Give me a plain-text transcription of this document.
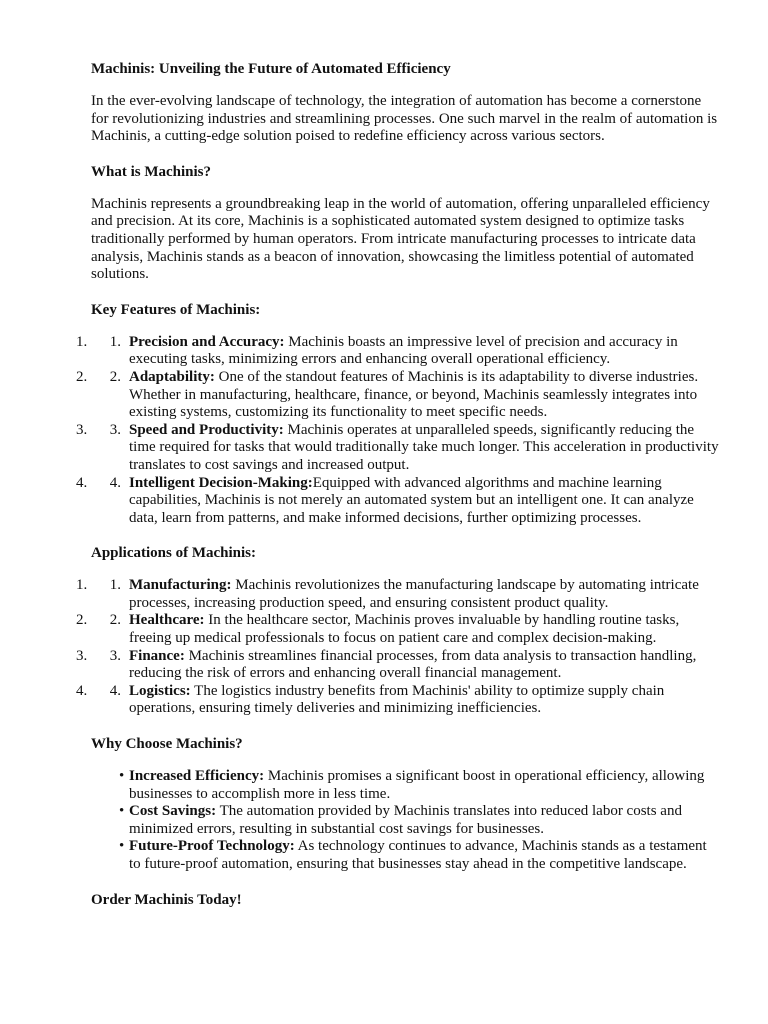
Machinis: Unveiling the Future of Automated Efficiency

In the ever-evolving landscape of technology, the integration of automation has become a cornerstone for revolutionizing industries and streamlining processes. One such marvel in the realm of automation is Machinis, a cutting-edge solution poised to redefine efficiency across various sectors.

What is Machinis?

Machinis represents a groundbreaking leap in the world of automation, offering unparalleled efficiency and precision. At its core, Machinis is a sophisticated automated system designed to optimize tasks traditionally performed by human operators. From intricate manufacturing processes to intricate data analysis, Machinis stands as a beacon of innovation, showcasing the limitless potential of automated solutions.

Key Features of Machinis:
1. 1. Precision and Accuracy: Machinis boasts an impressive level of precision and accuracy in executing tasks, minimizing errors and enhancing overall operational efficiency.
2. 2. Adaptability: One of the standout features of Machinis is its adaptability to diverse industries. Whether in manufacturing, healthcare, finance, or beyond, Machinis seamlessly integrates into existing systems, customizing its functionality to meet specific needs.
3. 3. Speed and Productivity: Machinis operates at unparalleled speeds, significantly reducing the time required for tasks that would traditionally take much longer. This acceleration in productivity translates to cost savings and increased output.
4. 4. Intelligent Decision-Making:Equipped with advanced algorithms and machine learning capabilities, Machinis is not merely an automated system but an intelligent one. It can analyze data, learn from patterns, and make informed decisions, further optimizing processes.
Applications of Machinis:
1. 1. Manufacturing: Machinis revolutionizes the manufacturing landscape by automating intricate processes, increasing production speed, and ensuring consistent product quality.
2. 2. Healthcare: In the healthcare sector, Machinis proves invaluable by handling routine tasks, freeing up medical professionals to focus on patient care and complex decision-making.
3. 3. Finance: Machinis streamlines financial processes, from data analysis to transaction handling, reducing the risk of errors and enhancing overall financial management.
4. 4. Logistics: The logistics industry benefits from Machinis' ability to optimize supply chain operations, ensuring timely deliveries and minimizing inefficiencies.
Why Choose Machinis?
• Increased Efficiency: Machinis promises a significant boost in operational efficiency, allowing businesses to accomplish more in less time.
• Cost Savings: The automation provided by Machinis translates into reduced labor costs and minimized errors, resulting in substantial cost savings for businesses.
• Future-Proof Technology: As technology continues to advance, Machinis stands as a testament to future-proof automation, ensuring that businesses stay ahead in the competitive landscape.
Order Machinis Today!
